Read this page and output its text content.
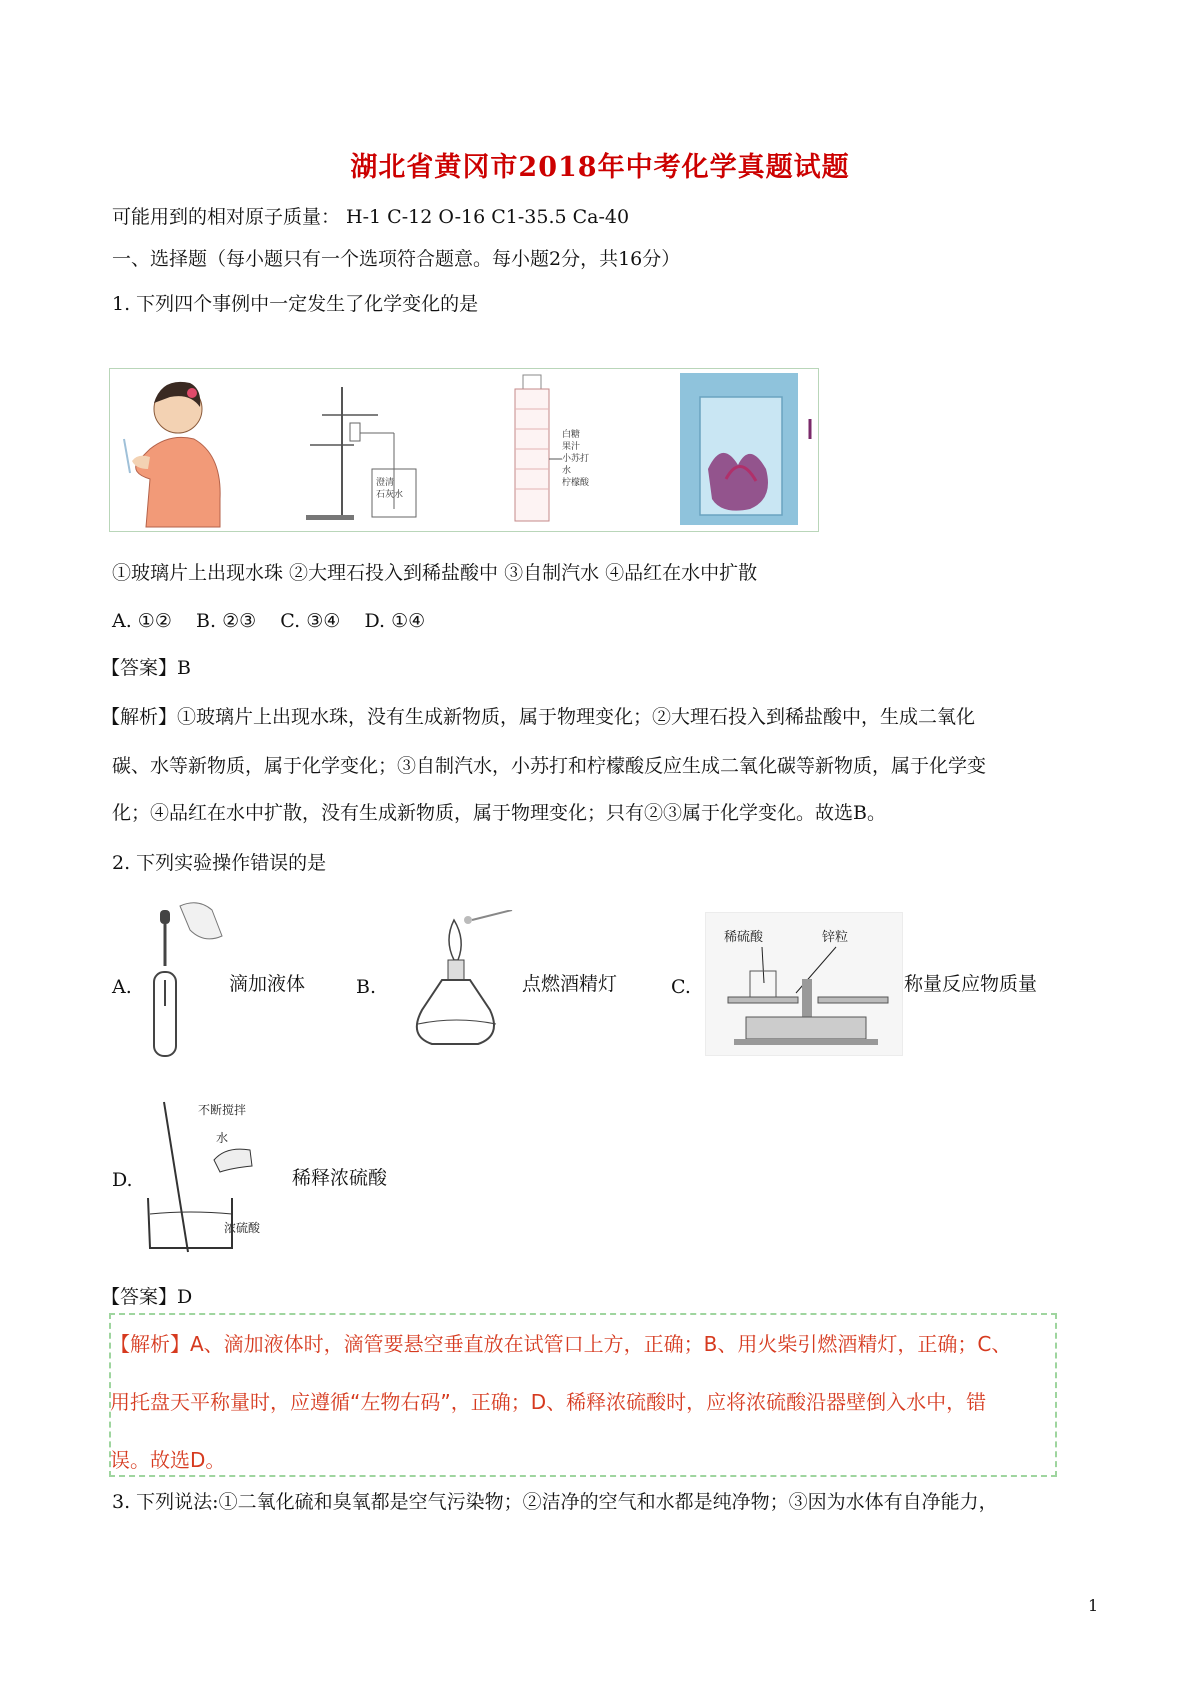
湖北省黄冈市2018年中考化学真题试题
可能用到的相对原子质量： H-1 C-12 O-16 C1-35.5 Ca-40
一、选择题（每小题只有一个选项符合题意。每小题2分，共16分）
1. 下列四个事例中一定发生了化学变化的是
澄清
石灰水
白糖
果汁
小苏打
水
柠檬酸
①玻璃片上出现水珠 ②大理石投入到稀盐酸中 ③自制汽水 ④品红在水中扩散
A. ①②    B. ②③    C. ③④    D. ①④
【答案】B
【解析】①玻璃片上出现水珠，没有生成新物质，属于物理变化；②大理石投入到稀盐酸中，生成二氧化
碳、水等新物质，属于化学变化；③自制汽水，小苏打和柠檬酸反应生成二氧化碳等新物质，属于化学变
化；④品红在水中扩散，没有生成新物质，属于物理变化；只有②③属于化学变化。故选B。
2. 下列实验操作错误的是
A.	滴加液体	B.	点燃酒精灯	C.
稀硫酸	锌粒
称量反应物质量
D.
不断搅拌
水
浓硫酸
稀释浓硫酸
【答案】D
【解析】A、滴加液体时，滴管要悬空垂直放在试管口上方，正确；B、用火柴引燃酒精灯，正确；C、
用托盘天平称量时，应遵循“左物右码”，正确；D、稀释浓硫酸时，应将浓硫酸沿器壁倒入水中，错
误。故选D。
3. 下列说法:①二氧化硫和臭氧都是空气污染物；②洁净的空气和水都是纯净物；③因为水体有自净能力，
1
